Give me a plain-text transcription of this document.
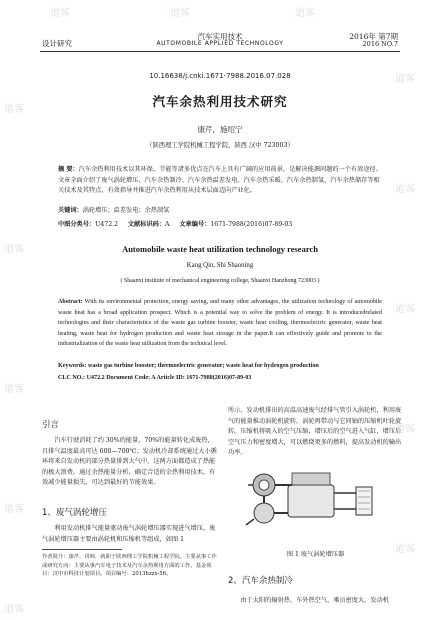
设计研究
汽车实用技术
AUTOMOBILE APPLIED TECHNOLOGY
2016年 第7期
2016 NO.7
10.16638/j.cnki.1671-7988.2016.07.028
汽车余热利用技术研究
康芹，施绍宁
（陕西理工学院机械工程学院，陕西 汉中 723003）
摘 要：汽车余热利用技术以其环保、节能等诸多优点在汽车上具有广阔的应用前景，是解决能源问题的一个有效途径。文章全面介绍了废气涡轮增压、汽车余热制冷、汽车余热温差发电、汽车余热采暖、汽车余热制氢、汽车余热储存等相关技术及其特点，有效指导并推进汽车余热利用从技术层面迈向产业化。
关键词：涡轮增压；温差发电；余热制氢
中图分类号：U472.2 文献标识码：A 文章编号：1671-7988(2016)07-89-03
Automobile waste heat utilization technology research
Kang Qin, Shi Shaoning
( Shaanxi institute of mechanical engineering college, Shaanxi Hanzhong 723003 )
Abstract: With its environmental protection, energy saving, and many other advantages, the utilization technology of automobile waste heat has a broad application prospect. Which is a potential way to solve the problem of energy. It is introducedrelated technologies and their characteristics of the waste gas turbine booster, waste heat cooling, thermoelectric generator, waste heat heating, waste heat for hydrogen production and waste heat storage in the paper.It can effectively guide and promote to the industrialization of the waste heat utilization from the technical level.
Keywords: waste gas turbine booster; thermoelectric generator; waste heat for hydrogen production
CLC NO.: U472.2 Document Code: A Article ID: 1671-7988(2016)07-89-03
引言

汽车行驶消耗了约 30%的能量，70%的能量转化成废热，且排气温度最高可达 600—700℃；发动机冷却系统通过大小循环将来自发动机的部分热量排到大气中，这两方面都造成了热能的极大浪费。通过余热能量分析，确定合适的余热利用技术，有效减少能量损失，可达到最好的节能效果。

1、废气涡轮增压

利用发动机排气能量驱动废气涡轮增压器实现进气增压。废气涡轮增压器主要由涡轮机和压缩机等组成，如图 1

作者简介：康芹，讲师，就职于陕西理工学院机械工程学院。主要从事工作或研究方向：主要从事汽车电子技术及汽车余热利用方面的工作。基金项目：汉中市科技计划项目。项目编号：2013hzzx-56。

所示。发动机排出的高温高速废气经排气管引入涡轮机，利用废气的能量推动涡轮机旋转，涡轮再带动与它同轴的压缩机叶轮旋转。压缩机将吸入的空气压缩，增压后的空气进入气缸，增压后空气压力和密度增大，可以燃烧更多的燃料，提高发动机的输出功率。

图 1 废气涡轮增压器
2、汽车余热制冷

由于太阳的辐射热、车外热空气、乘员密度大、发动机

道客	道客	道客
道客
道客
道客
道客
道客
道客
道客
道客
道客
道客
